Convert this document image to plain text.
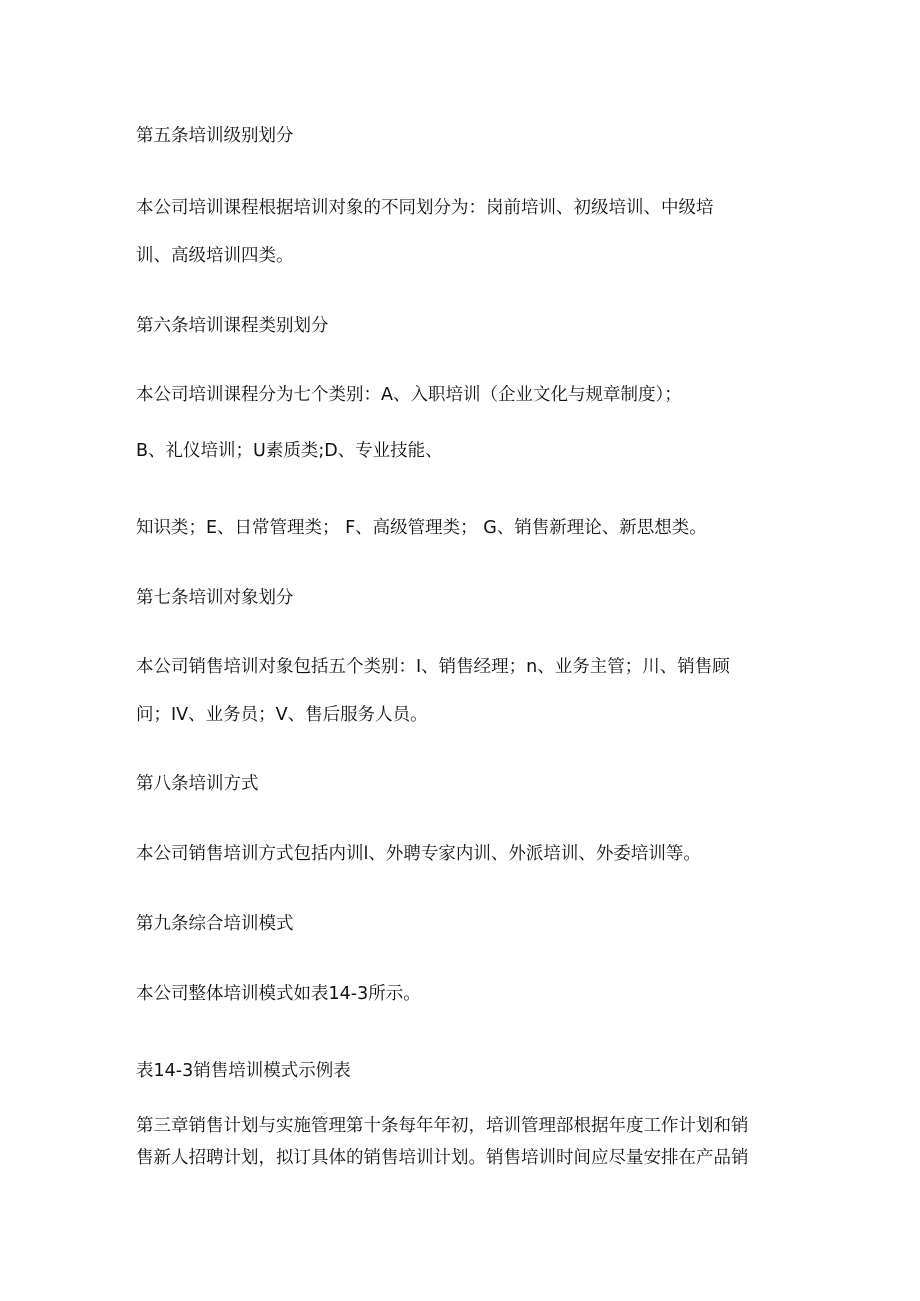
第五条培训级别划分
本公司培训课程根据培训对象的不同划分为：岗前培训、初级培训、中级培
训、高级培训四类。
第六条培训课程类别划分
本公司培训课程分为七个类别：A、入职培训（企业文化与规章制度）；
B、礼仪培训；U素质类;D、专业技能、
知识类；E、日常管理类； F、高级管理类； G、销售新理论、新思想类。
第七条培训对象划分
本公司销售培训对象包括五个类别：I、销售经理；n、业务主管；川、销售顾
问；IV、业务员；V、售后服务人员。
第八条培训方式
本公司销售培训方式包括内训l、外聘专家内训、外派培训、外委培训等。
第九条综合培训模式
本公司整体培训模式如表14-3所示。
表14-3销售培训模式示例表
第三章销售计划与实施管理第十条每年年初，培训管理部根据年度工作计划和销
售新人招聘计划，拟订具体的销售培训计划。销售培训时间应尽量安排在产品销
